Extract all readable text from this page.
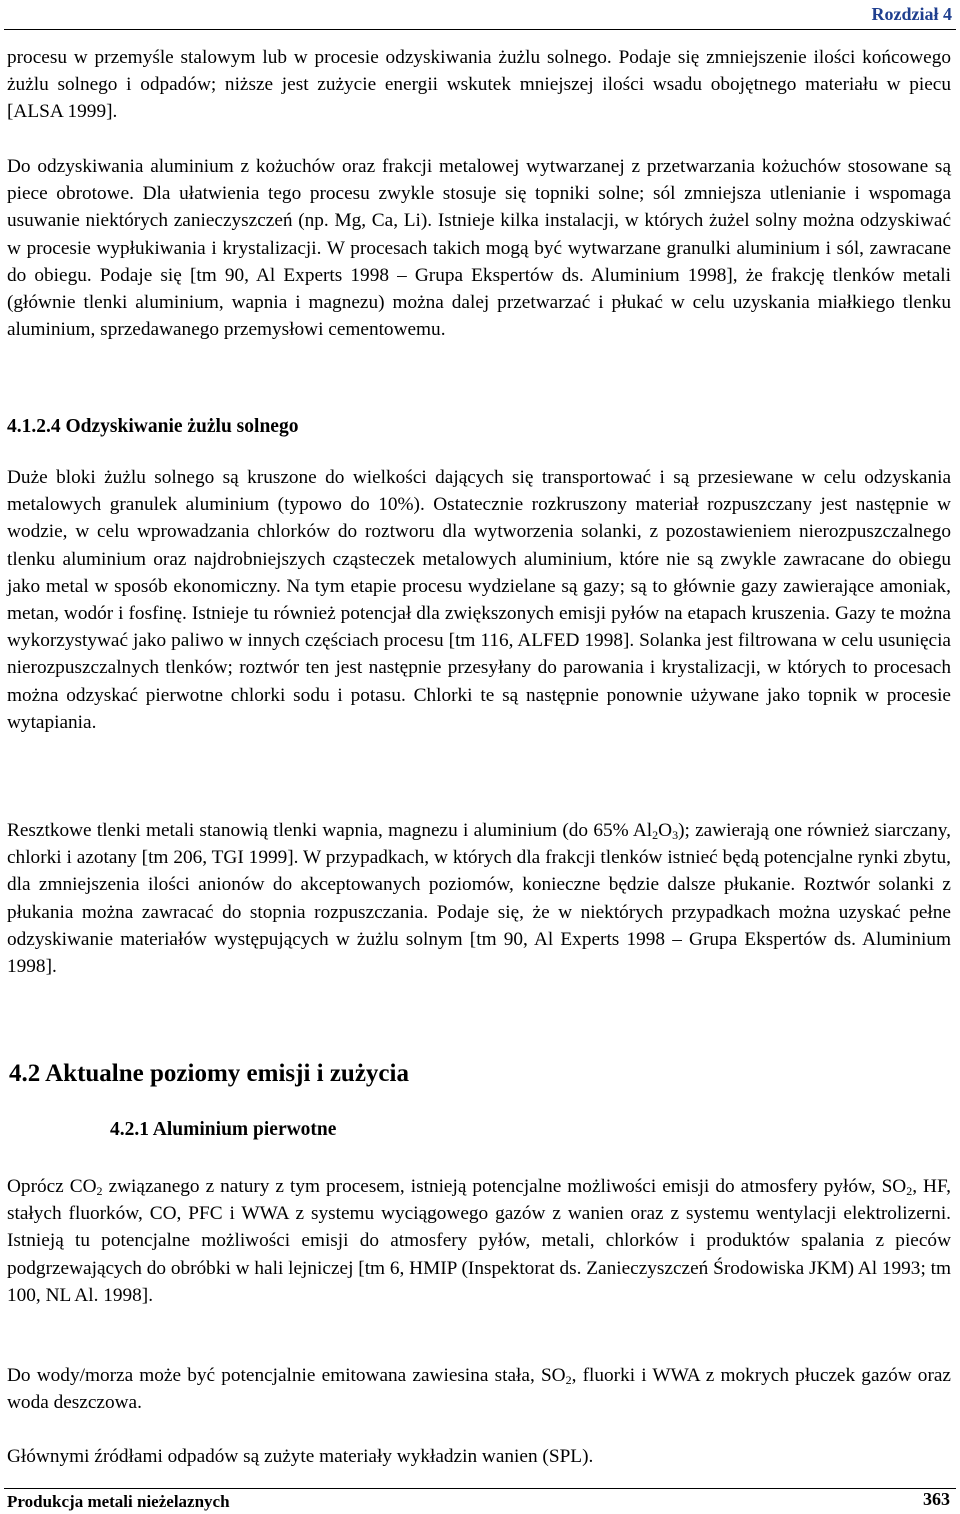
Rozdział 4

procesu w przemyśle stalowym lub w procesie odzyskiwania żużlu solnego. Podaje się zmniejszenie ilości końcowego żużlu solnego i odpadów; niższe jest zużycie energii wskutek mniejszej ilości wsadu obojętnego materiału w piecu [ALSA 1999].

Do odzyskiwania aluminium z kożuchów oraz frakcji metalowej wytwarzanej z przetwarzania kożuchów stosowane są piece obrotowe. Dla ułatwienia tego procesu zwykle stosuje się topniki solne; sól zmniejsza utlenianie i wspomaga usuwanie niektórych zanieczyszczeń (np. Mg, Ca, Li). Istnieje kilka instalacji, w których żużel solny można odzyskiwać w procesie wypłukiwania i krystalizacji. W procesach takich mogą być wytwarzane granulki aluminium i sól, zawracane do obiegu. Podaje się [tm 90, Al Experts 1998 – Grupa Ekspertów ds. Aluminium 1998], że frakcję tlenków metali (głównie tlenki aluminium, wapnia i magnezu) można dalej przetwarzać i płukać w celu uzyskania miałkiego tlenku aluminium, sprzedawanego przemysłowi cementowemu.

4.1.2.4 Odzyskiwanie żużlu solnego

Duże bloki żużlu solnego są kruszone do wielkości dających się transportować i są przesiewane w celu odzyskania metalowych granulek aluminium (typowo do 10%). Ostatecznie rozkruszony materiał rozpuszczany jest następnie w wodzie, w celu wprowadzania chlorków do roztworu dla wytworzenia solanki, z pozostawieniem nierozpuszczalnego tlenku aluminium oraz najdrobniejszych cząsteczek metalowych aluminium, które nie są zwykle zawracane do obiegu jako metal w sposób ekonomiczny. Na tym etapie procesu wydzielane są gazy; są to głównie gazy zawierające amoniak, metan, wodór i fosfinę. Istnieje tu również potencjał dla zwiększonych emisji pyłów na etapach kruszenia. Gazy te można wykorzystywać jako paliwo w innych częściach procesu [tm 116, ALFED 1998]. Solanka jest filtrowana w celu usunięcia nierozpuszczalnych tlenków; roztwór ten jest następnie przesyłany do parowania i krystalizacji, w których to procesach można odzyskać pierwotne chlorki sodu i potasu. Chlorki te są następnie ponownie używane jako topnik w procesie wytapiania.

Resztkowe tlenki metali stanowią tlenki wapnia, magnezu i aluminium (do 65% $Al_2O_3$); zawierają one również siarczany, chlorki i azotany [tm 206, TGI 1999]. W przypadkach, w których dla frakcji tlenków istnieć będą potencjalne rynki zbytu, dla zmniejszenia ilości anionów do akceptowanych poziomów, konieczne będzie dalsze płukanie. Roztwór solanki z płukania można zawracać do stopnia rozpuszczania. Podaje się, że w niektórych przypadkach można uzyskać pełne odzyskiwanie materiałów występujących w żużlu solnym [tm 90, Al Experts 1998 – Grupa Ekspertów ds. Aluminium 1998].

4.2 Aktualne poziomy emisji i zużycia
4.2.1 Aluminium pierwotne

Oprócz $CO_2$ związanego z natury z tym procesem, istnieją potencjalne możliwości emisji do atmosfery pyłów, $SO_2$, HF, stałych fluorków, CO, PFC i WWA z systemu wyciągowego gazów z wanien oraz z systemu wentylacji elektrolizerni. Istnieją tu potencjalne możliwości emisji do atmosfery pyłów, metali, chlorków i produktów spalania z pieców podgrzewających do obróbki w hali lejniczej [tm 6, HMIP (Inspektorat ds. Zanieczyszczeń Środowiska JKM) Al 1993; tm 100, NL Al. 1998].

Do wody/morza może być potencjalnie emitowana zawiesina stała, $SO_2$, fluorki i WWA z mokrych płuczek gazów oraz woda deszczowa.

Głównymi źródłami odpadów są zużyte materiały wykładzin wanien (SPL).

Produkcja metali nieżelaznych	363
